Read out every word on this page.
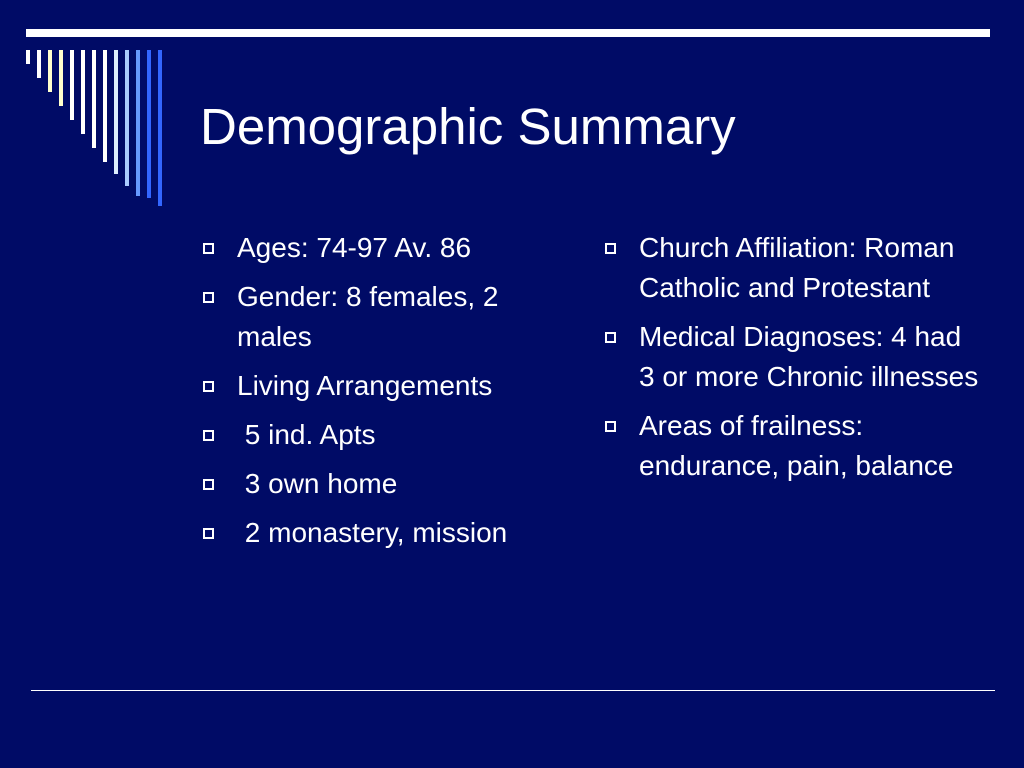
Demographic Summary
Ages: 74-97 Av. 86
Gender: 8 females, 2 males
Living Arrangements
5 ind. Apts
3 own home
2 monastery, mission
Church Affiliation: Roman Catholic and Protestant
Medical Diagnoses: 4 had 3 or more Chronic illnesses
Areas of frailness: endurance, pain, balance
